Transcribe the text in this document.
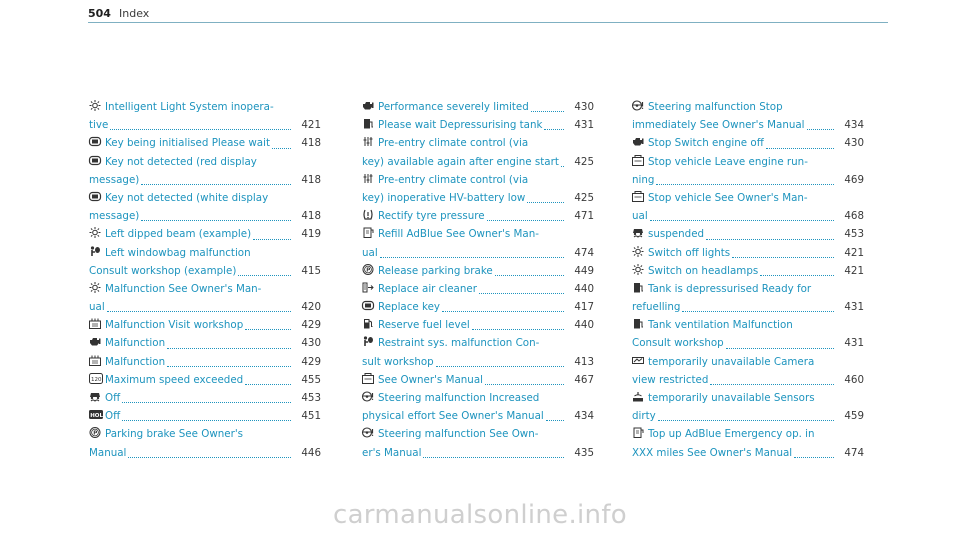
504 Index
Intelligent Light System inopera-
tive	421
Key being initialised Please wait	418
Key not detected (red display
message)	418
Key not detected (white display
message)	418
Left dipped beam (example)	419
Left windowbag malfunction
Consult workshop (example)	415
Malfunction See Owner's Man-
ual	420
Malfunction Visit workshop	429
Malfunction	430
Malfunction	429
120 Maximum speed exceeded	455
Off	453
HOLD
Off	451
P Parking brake See Owner's
Manual	446
Performance severely limited	430
Please wait Depressurising tank	431
Pre-entry climate control (via
key) available again after engine start	425
Pre-entry climate control (via
key) inoperative HV-battery low	425
Rectify tyre pressure	471
Refill AdBlue See Owner's Man-
ual	474
P Release parking brake	449
Replace air cleaner	440
Replace key	417
Reserve fuel level	440
Restraint sys. malfunction Con-
sult workshop	413
See Owner's Manual	467
Steering malfunction Increased
physical effort See Owner's Manual	434
Steering malfunction See Own-
er's Manual	435
Steering malfunction Stop
immediately See Owner's Manual	434
Stop Switch engine off	430
Stop vehicle Leave engine run-
ning	469
Stop vehicle See Owner's Man-
ual	468
suspended	453
Switch off lights	421
Switch on headlamps	421
Tank is depressurised Ready for
refuelling	431
Tank ventilation Malfunction
Consult workshop	431
temporarily unavailable Camera
view restricted	460
temporarily unavailable Sensors
dirty	459
Top up AdBlue Emergency op. in
XXX miles See Owner's Manual	474
carmanualsonline.info
